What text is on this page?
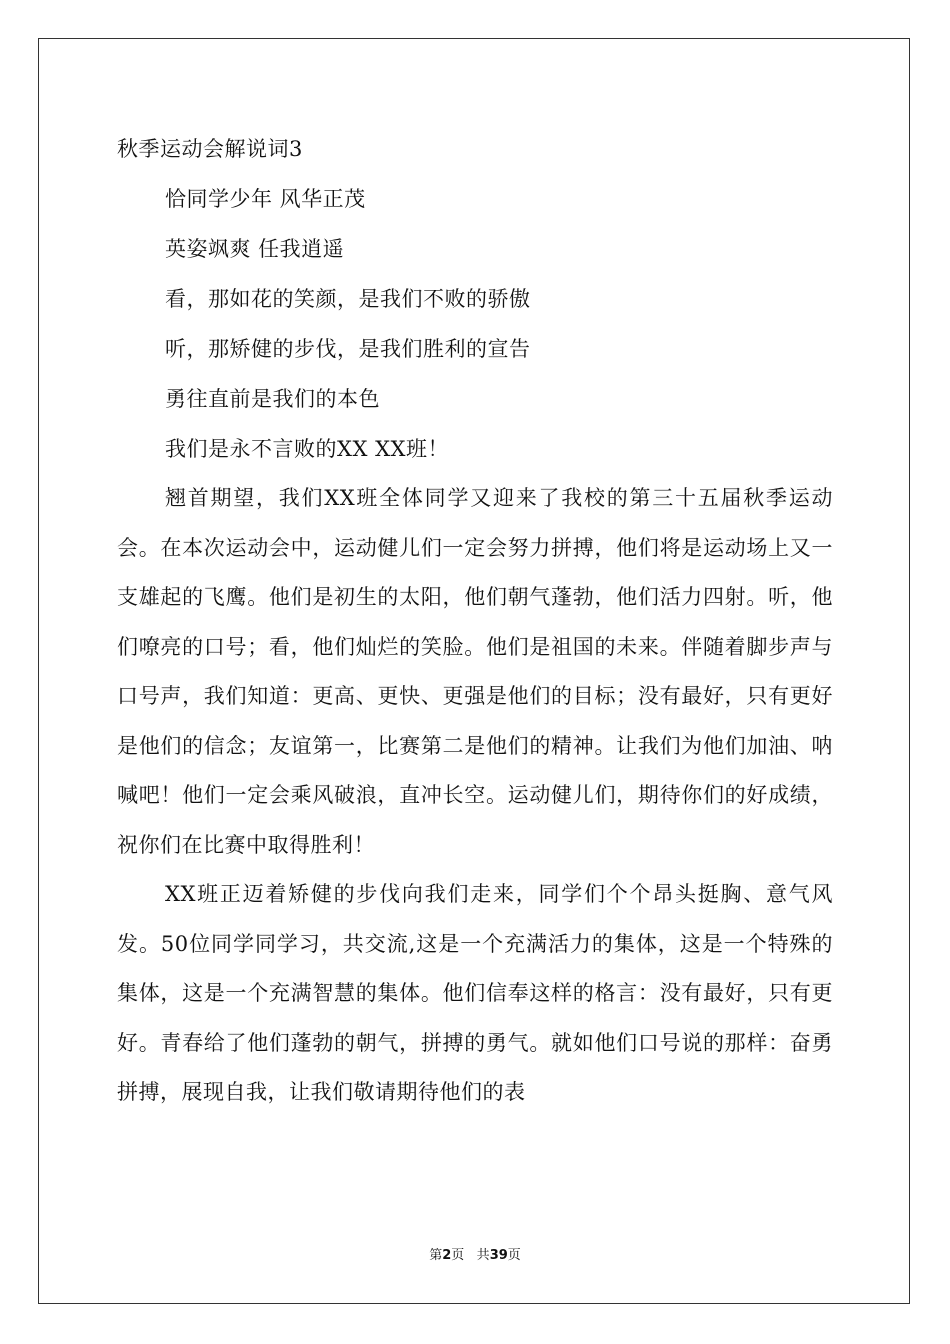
秋季运动会解说词3

恰同学少年 风华正茂

英姿飒爽 任我逍遥

看，那如花的笑颜，是我们不败的骄傲

听，那矫健的步伐，是我们胜利的宣告

勇往直前是我们的本色

我们是永不言败的XX XX班！

翘首期望，我们XX班全体同学又迎来了我校的第三十五届秋季运动会。在本次运动会中，运动健儿们一定会努力拼搏，他们将是运动场上又一支雄起的飞鹰。他们是初生的太阳，他们朝气蓬勃，他们活力四射。听，他们嘹亮的口号；看，他们灿烂的笑脸。他们是祖国的未来。伴随着脚步声与口号声，我们知道：更高、更快、更强是他们的目标；没有最好，只有更好是他们的信念；友谊第一，比赛第二是他们的精神。让我们为他们加油、呐喊吧！他们一定会乘风破浪，直冲长空。运动健儿们，期待你们的好成绩，祝你们在比赛中取得胜利！

XX班正迈着矫健的步伐向我们走来，同学们个个昂头挺胸、意气风发。50位同学同学习，共交流,这是一个充满活力的集体，这是一个特殊的集体，这是一个充满智慧的集体。他们信奉这样的格言：没有最好，只有更好。青春给了他们蓬勃的朝气，拼搏的勇气。就如他们口号说的那样：奋勇拼搏，展现自我，让我们敬请期待他们的表

第2页 共39页
